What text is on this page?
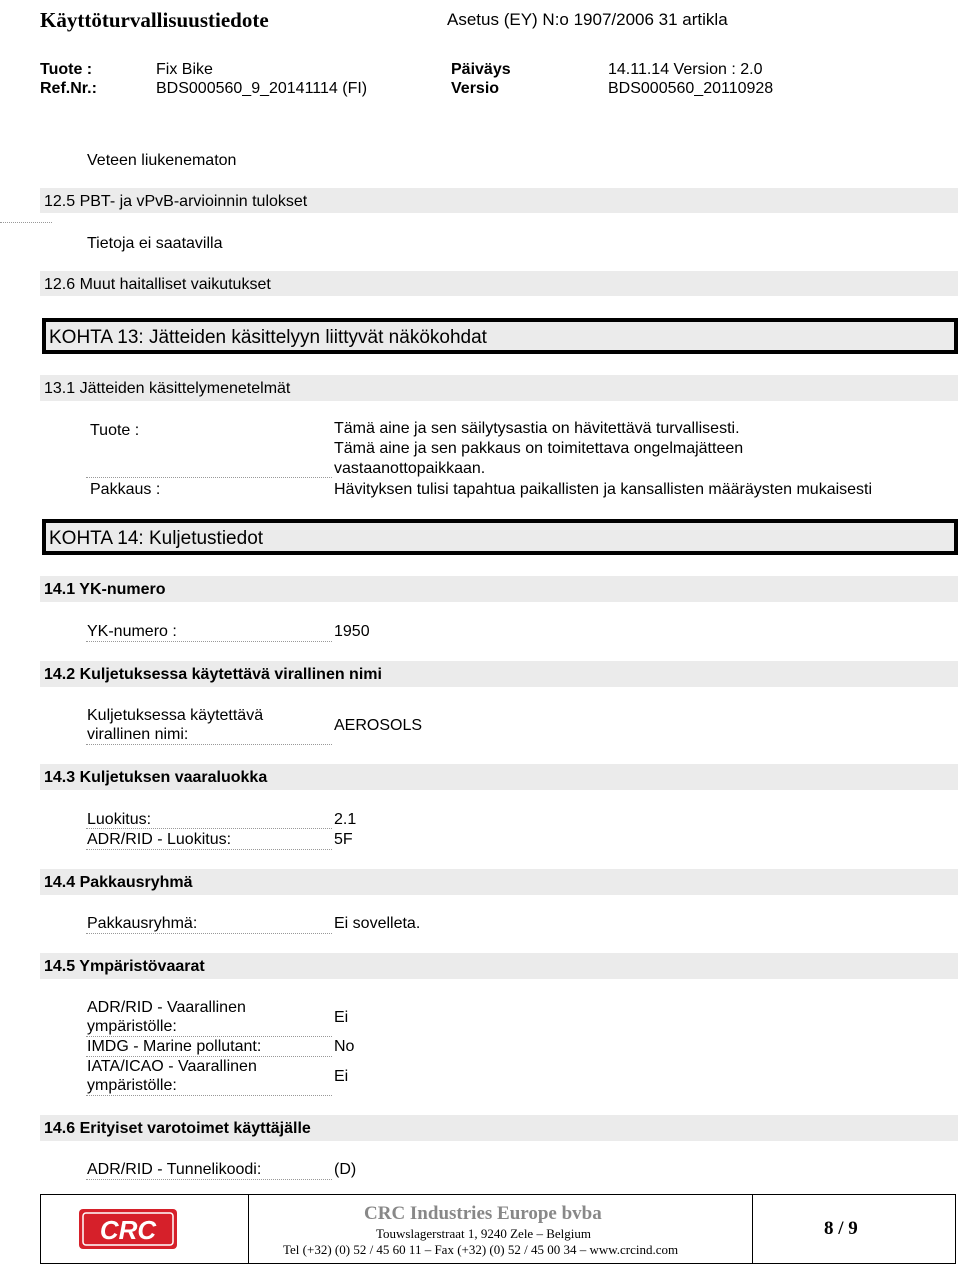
Käyttöturvallisuustiedote	Asetus (EY) N:o 1907/2006 31 artikla
Tuote :	Fix Bike	Päiväys	14.11.14 Version : 2.0
Ref.Nr.:	BDS000560_9_20141114 (FI)	Versio	BDS000560_20110928
Veteen liukenematon
12.5 PBT- ja vPvB-arvioinnin tulokset
Tietoja ei saatavilla
12.6 Muut haitalliset vaikutukset
KOHTA 13: Jätteiden käsittelyyn liittyvät näkökohdat
13.1 Jätteiden käsittelymenetelmät
Tuote :	Tämä aine ja sen säilytysastia on hävitettävä turvallisesti.
Tämä aine ja sen pakkaus on toimitettava ongelmajätteen
vastaanottopaikkaan.
Pakkaus :	Hävityksen tulisi tapahtua paikallisten ja kansallisten määräysten mukaisesti
KOHTA 14: Kuljetustiedot
14.1 YK-numero
YK-numero :	1950
14.2 Kuljetuksessa käytettävä virallinen nimi
Kuljetuksessa käytettävä
virallinen nimi:
AEROSOLS
14.3 Kuljetuksen vaaraluokka
Luokitus:	2.1
ADR/RID - Luokitus:	5F
14.4 Pakkausryhmä
Pakkausryhmä:	Ei sovelleta.
14.5 Ympäristövaarat
ADR/RID - Vaarallinen
ympäristölle:
Ei
IMDG - Marine pollutant:	No
IATA/ICAO - Vaarallinen
ympäristölle:
Ei
14.6 Erityiset varotoimet käyttäjälle
ADR/RID - Tunnelikoodi:	(D)
CRC
CRC Industries Europe bvba
Touwslagerstraat 1, 9240 Zele – Belgium
Tel (+32) (0) 52 / 45 60 11 – Fax (+32) (0) 52 / 45 00 34 – www.crcind.com
8 / 9
